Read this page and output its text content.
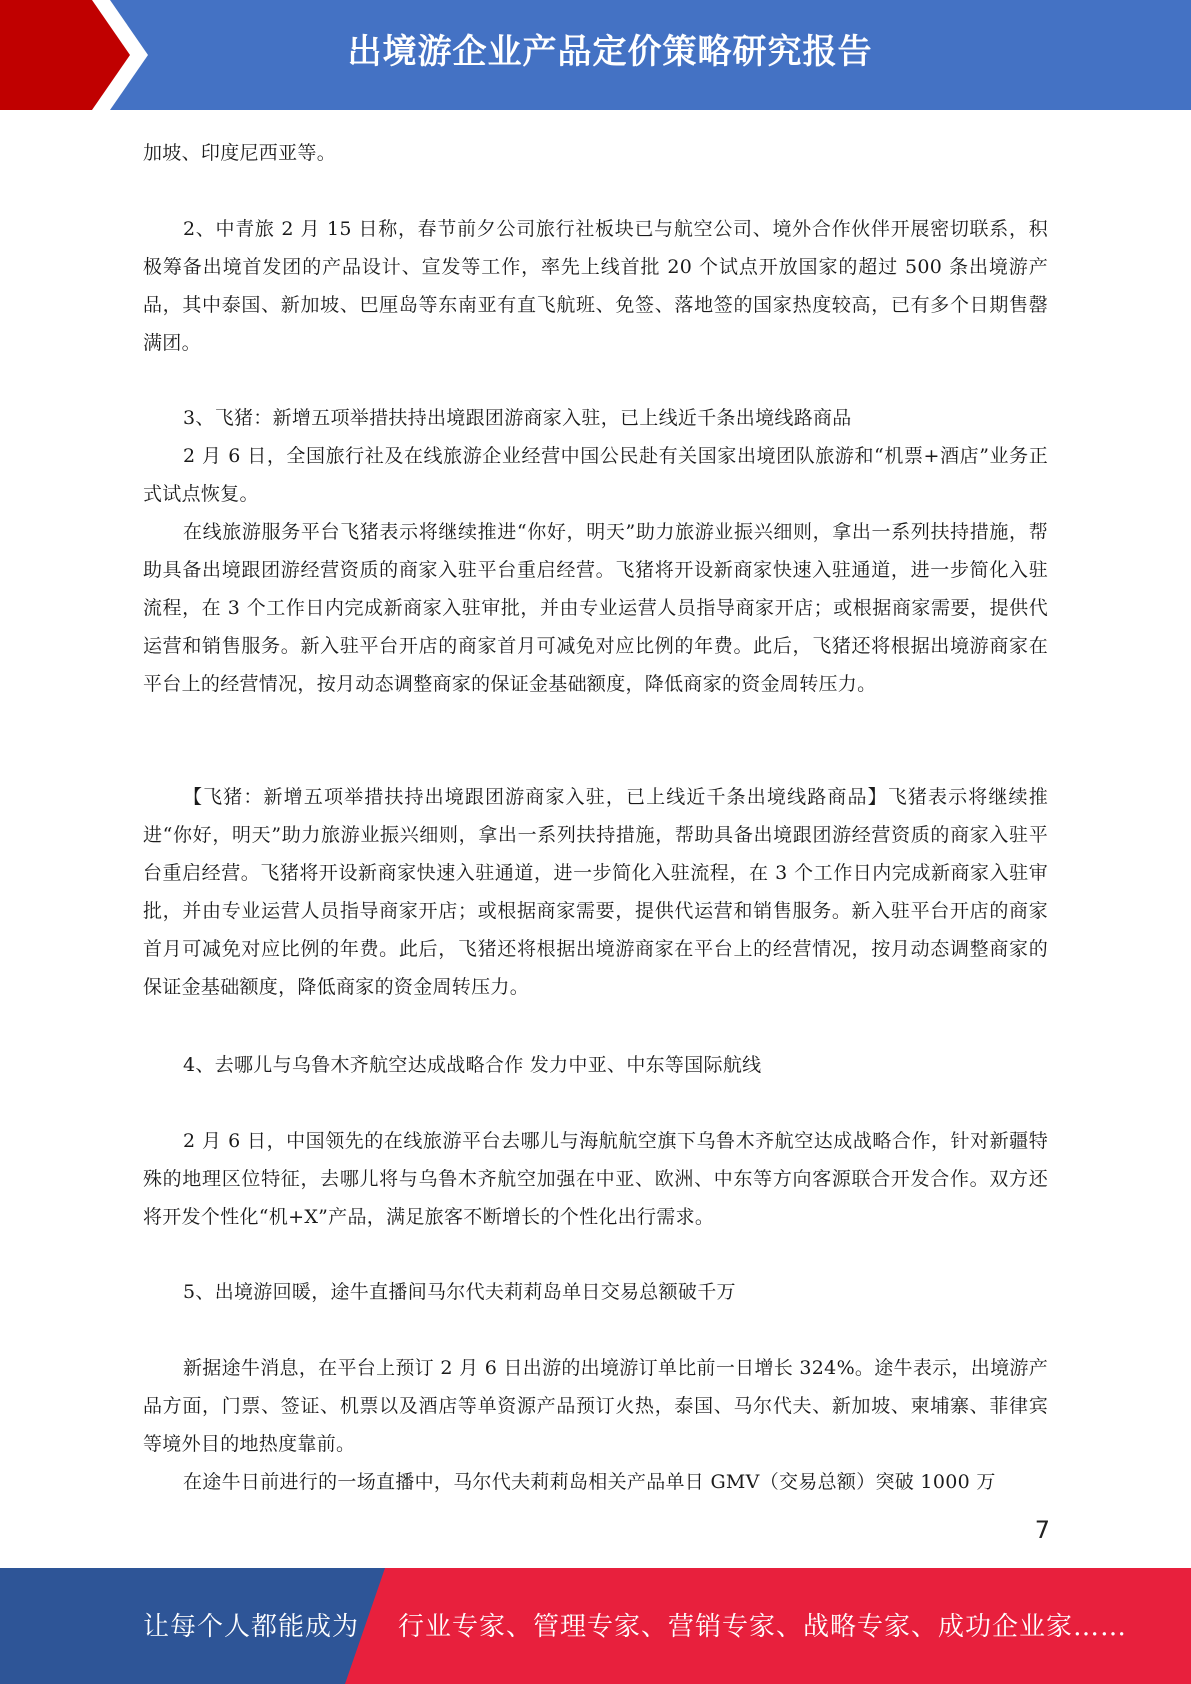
出境游企业产品定价策略研究报告

加坡、印度尼西亚等。

2、中青旅 2 月 15 日称，春节前夕公司旅行社板块已与航空公司、境外合作伙伴开展密切联系，积极筹备出境首发团的产品设计、宣发等工作，率先上线首批 20 个试点开放国家的超过 500 条出境游产品，其中泰国、新加坡、巴厘岛等东南亚有直飞航班、免签、落地签的国家热度较高，已有多个日期售罄满团。

3、飞猪：新增五项举措扶持出境跟团游商家入驻，已上线近千条出境线路商品

2 月 6 日，全国旅行社及在线旅游企业经营中国公民赴有关国家出境团队旅游和“机票+酒店”业务正式试点恢复。

在线旅游服务平台飞猪表示将继续推进“你好，明天”助力旅游业振兴细则，拿出一系列扶持措施，帮助具备出境跟团游经营资质的商家入驻平台重启经营。飞猪将开设新商家快速入驻通道，进一步简化入驻流程，在 3 个工作日内完成新商家入驻审批，并由专业运营人员指导商家开店；或根据商家需要，提供代运营和销售服务。新入驻平台开店的商家首月可减免对应比例的年费。此后，飞猪还将根据出境游商家在平台上的经营情况，按月动态调整商家的保证金基础额度，降低商家的资金周转压力。

【飞猪：新增五项举措扶持出境跟团游商家入驻，已上线近千条出境线路商品】飞猪表示将继续推进“你好，明天”助力旅游业振兴细则，拿出一系列扶持措施，帮助具备出境跟团游经营资质的商家入驻平台重启经营。飞猪将开设新商家快速入驻通道，进一步简化入驻流程，在 3 个工作日内完成新商家入驻审批，并由专业运营人员指导商家开店；或根据商家需要，提供代运营和销售服务。新入驻平台开店的商家首月可减免对应比例的年费。此后，飞猪还将根据出境游商家在平台上的经营情况，按月动态调整商家的保证金基础额度，降低商家的资金周转压力。

4、去哪儿与乌鲁木齐航空达成战略合作 发力中亚、中东等国际航线

2 月 6 日，中国领先的在线旅游平台去哪儿与海航航空旗下乌鲁木齐航空达成战略合作，针对新疆特殊的地理区位特征，去哪儿将与乌鲁木齐航空加强在中亚、欧洲、中东等方向客源联合开发合作。双方还将开发个性化“机+X”产品，满足旅客不断增长的个性化出行需求。

5、出境游回暖，途牛直播间马尔代夫莉莉岛单日交易总额破千万

新据途牛消息，在平台上预订 2 月 6 日出游的出境游订单比前一日增长 324%。途牛表示，出境游产品方面，门票、签证、机票以及酒店等单资源产品预订火热，泰国、马尔代夫、新加坡、柬埔寨、菲律宾等境外目的地热度靠前。

在途牛日前进行的一场直播中，马尔代夫莉莉岛相关产品单日 GMV（交易总额）突破 1000 万

7
让每个人都能成为 行业专家、管理专家、营销专家、战略专家、成功企业家……
